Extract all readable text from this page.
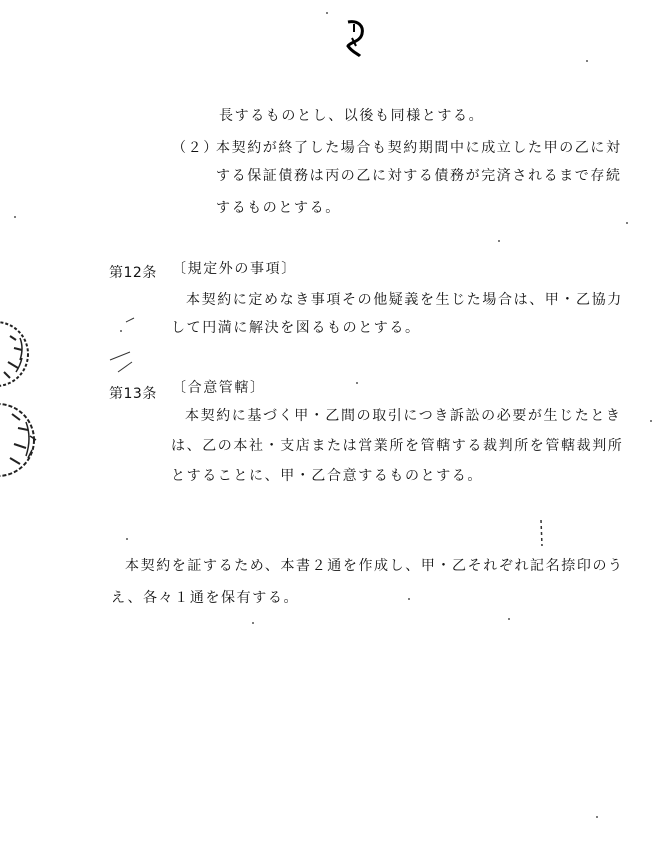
長するものとし、以後も同様とする。
（２）
本契約が終了した場合も契約期間中に成立した甲の乙に対
する保証債務は丙の乙に対する債務が完済されるまで存続
するものとする。
第12条 〔規定外の事項〕
本契約に定めなき事項その他疑義を生じた場合は、甲・乙協力
して円満に解決を図るものとする。
第13条 〔合意管轄〕
本契約に基づく甲・乙間の取引につき訴訟の必要が生じたとき
は、乙の本社・支店または営業所を管轄する裁判所を管轄裁判所
とすることに、甲・乙合意するものとする。
本契約を証するため、本書２通を作成し、甲・乙それぞれ記名捺印のう
え、各々１通を保有する。
